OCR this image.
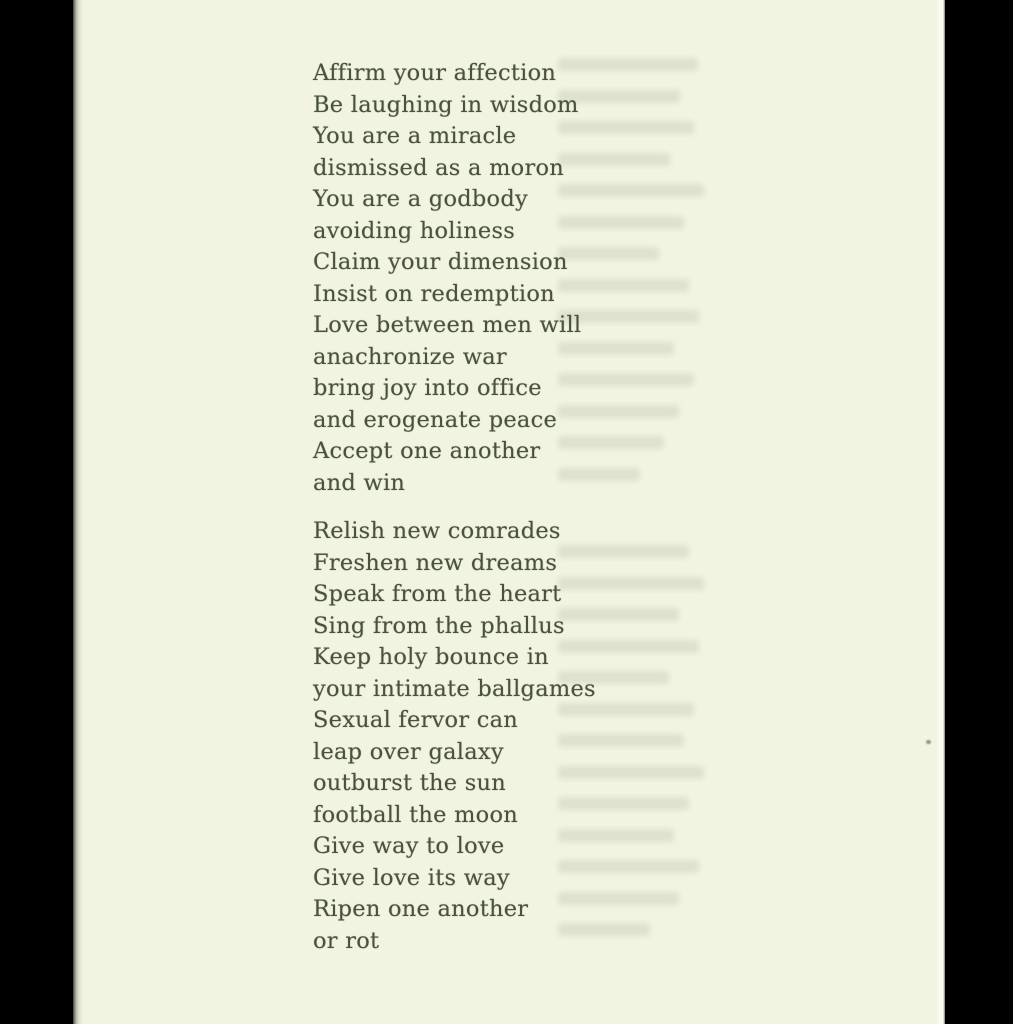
Affirm your affection
Be laughing in wisdom
You are a miracle
dismissed as a moron
You are a godbody
avoiding holiness
Claim your dimension
Insist on redemption
Love between men will
anachronize war
bring joy into office
and erogenate peace
Accept one another
and win
Relish new comrades
Freshen new dreams
Speak from the heart
Sing from the phallus
Keep holy bounce in
your intimate ballgames
Sexual fervor can
leap over galaxy
outburst the sun
football the moon
Give way to love
Give love its way
Ripen one another
or rot
